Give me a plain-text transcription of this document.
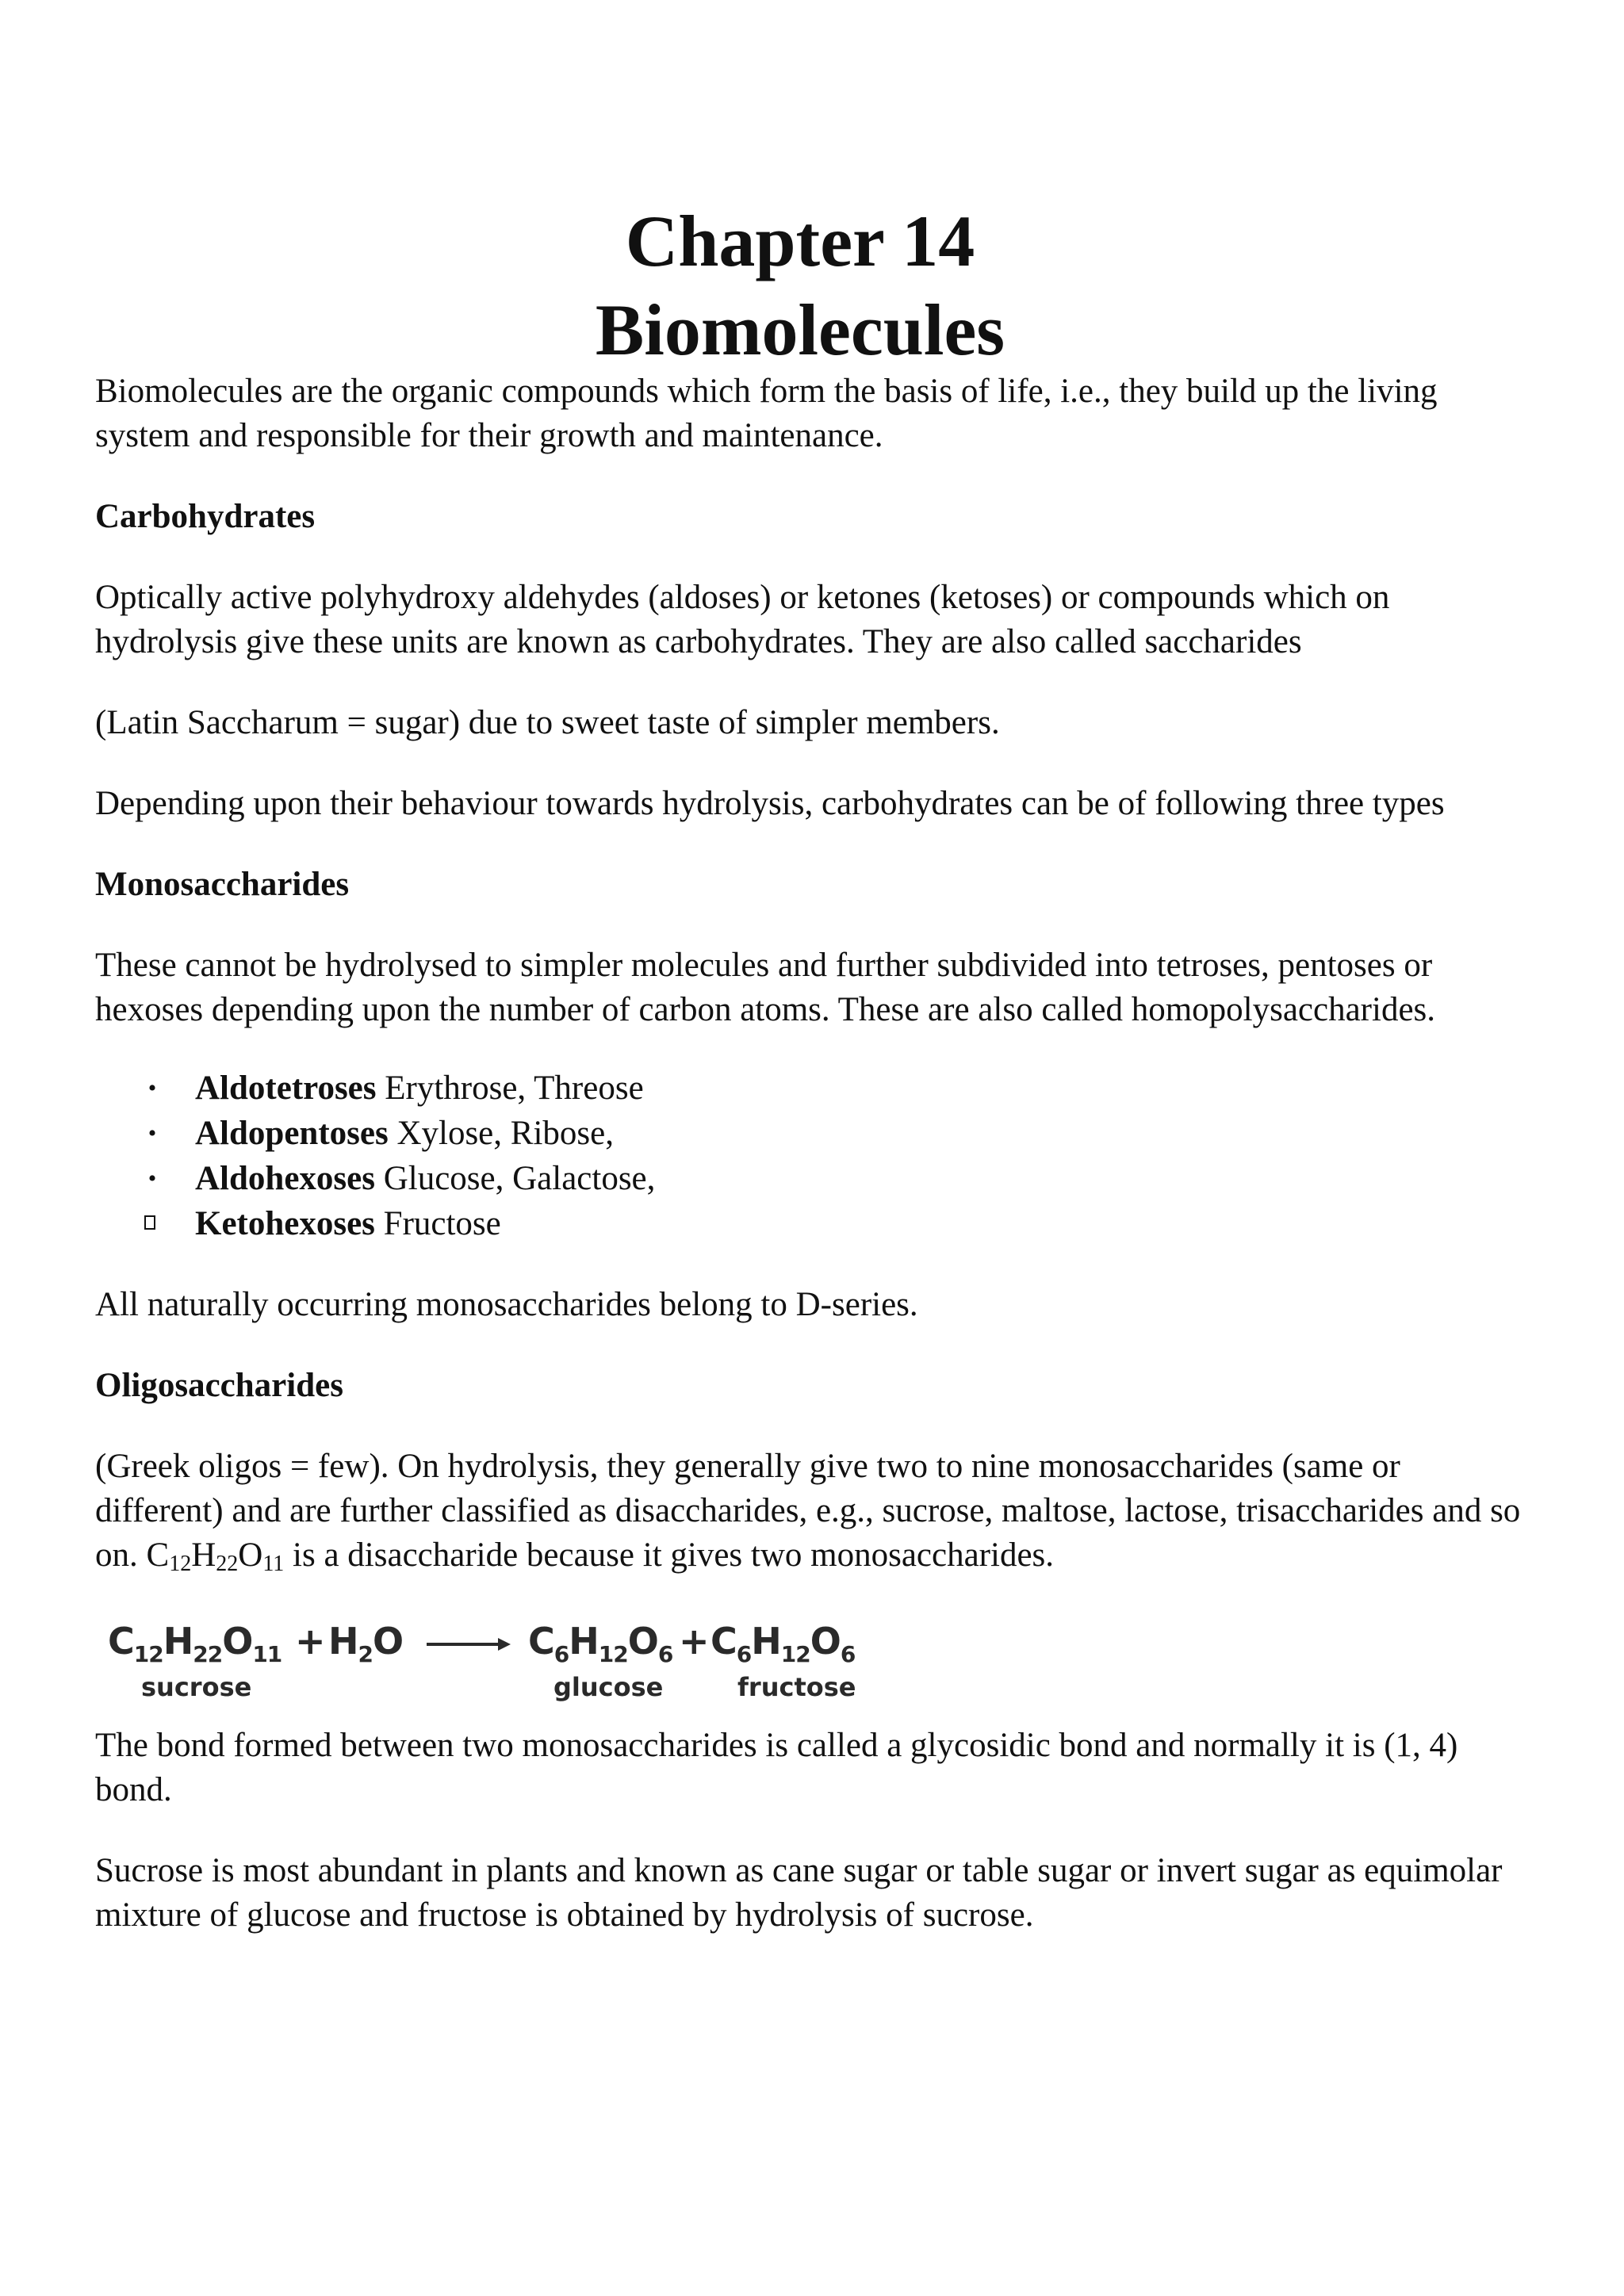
Chapter 14
Biomolecules

Biomolecules are the organic compounds which form the basis of life, i.e., they build up the living system and responsible for their growth and maintenance.

Carbohydrates

Optically active polyhydroxy aldehydes (aldoses) or ketones (ketoses) or compounds which on hydrolysis give these units are known as carbohydrates. They are also called saccharides

(Latin Saccharum = sugar) due to sweet taste of simpler members.

Depending upon their behaviour towards hydrolysis, carbohydrates can be of following three types

Monosaccharides

These cannot be hydrolysed to simpler molecules and further subdivided into tetroses, pentoses or hexoses depending upon the number of carbon atoms. These are also called homopolysaccharides.

• Aldotetroses Erythrose, Threose
• Aldopentoses Xylose, Ribose,
• Aldohexoses Glucose, Galactose,
Ketohexoses Fructose

All naturally occurring monosaccharides belong to D-series.

Oligosaccharides

(Greek oligos = few). On hydrolysis, they generally give two to nine monosaccharides (same or different) and are further classified as disaccharides, e.g., sucrose, maltose, lactose, trisaccharides and so on. $C_{12}H_{22}O_{11}$ is a disaccharide because it gives two monosaccharides.

$C_{12}H_{22}O_{11} + H_2O \to C_6H_{12}O_6 + C_6H_{12}O_6$
sucrose	glucose	fructose

The bond formed between two monosaccharides is called a glycosidic bond and normally it is (1, 4) bond.

Sucrose is most abundant in plants and known as cane sugar or table sugar or invert sugar as equimolar mixture of glucose and fructose is obtained by hydrolysis of sucrose.
